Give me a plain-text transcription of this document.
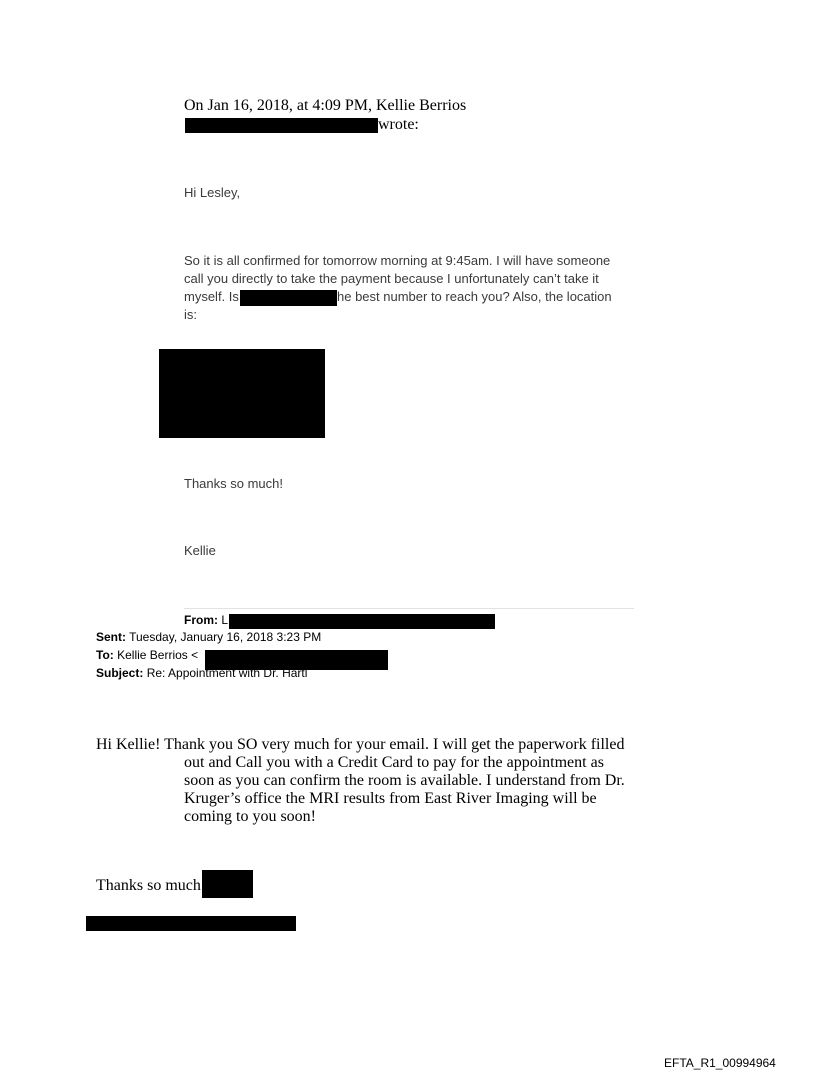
On Jan 16, 2018, at 4:09 PM, Kellie Berrios
wrote:
Hi Lesley,
So it is all confirmed for tomorrow morning at 9:45am. I will have someone
call you directly to take the payment because I unfortunately can’t take it
myself. Is	he best number to reach you? Also, the location
is:
Thanks so much!
Kellie
From: L
Sent: Tuesday, January 16, 2018 3:23 PM
To: Kellie Berrios <
Subject: Re: Appointment with Dr. Hartl
Hi Kellie! Thank you SO very much for your email. I will get the paperwork filled
out and Call you with a Credit Card to pay for the appointment as
soon as you can confirm the room is available. I understand from Dr.
Kruger’s office the MRI results from East River Imaging will be
coming to you soon!
Thanks so much
EFTA_R1_00994964
